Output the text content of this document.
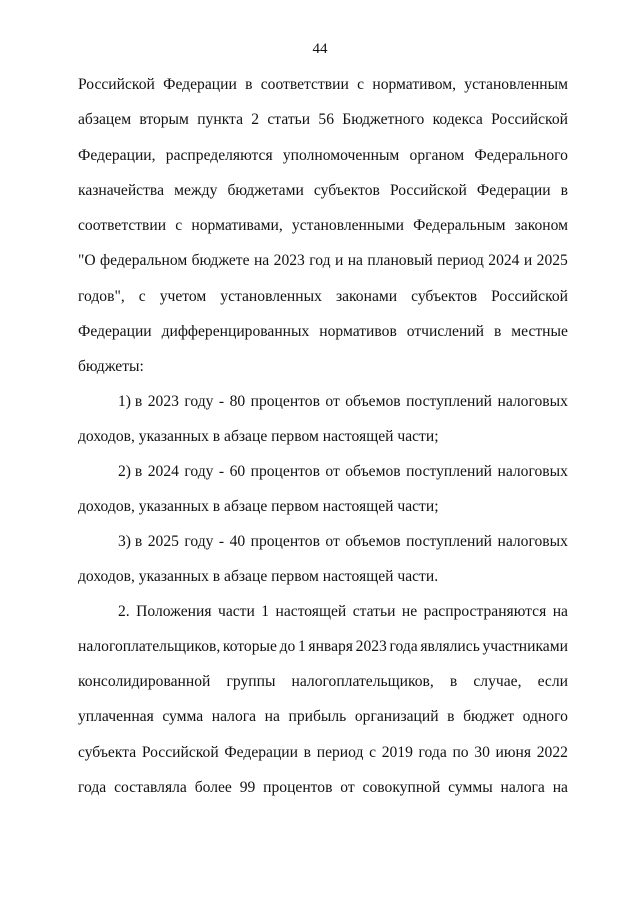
44
Российской Федерации в соответствии с нормативом, установленным
абзацем вторым пункта 2 статьи 56 Бюджетного кодекса Российской
Федерации, распределяются уполномоченным органом Федерального
казначейства между бюджетами субъектов Российской Федерации в
соответствии с нормативами, установленными Федеральным законом
"О федеральном бюджете на 2023 год и на плановый период 2024 и 2025
годов", с учетом установленных законами субъектов Российской
Федерации дифференцированных нормативов отчислений в местные
бюджеты:
1) в 2023 году - 80 процентов от объемов поступлений налоговых
доходов, указанных в абзаце первом настоящей части;
2) в 2024 году - 60 процентов от объемов поступлений налоговых
доходов, указанных в абзаце первом настоящей части;
3) в 2025 году - 40 процентов от объемов поступлений налоговых
доходов, указанных в абзаце первом настоящей части.
2. Положения части 1 настоящей статьи не распространяются на
налогоплательщиков, которые до 1 января 2023 года являлись участниками
консолидированной группы налогоплательщиков, в случае, если
уплаченная сумма налога на прибыль организаций в бюджет одного
субъекта Российской Федерации в период с 2019 года по 30 июня 2022
года составляла более 99 процентов от совокупной суммы налога на
